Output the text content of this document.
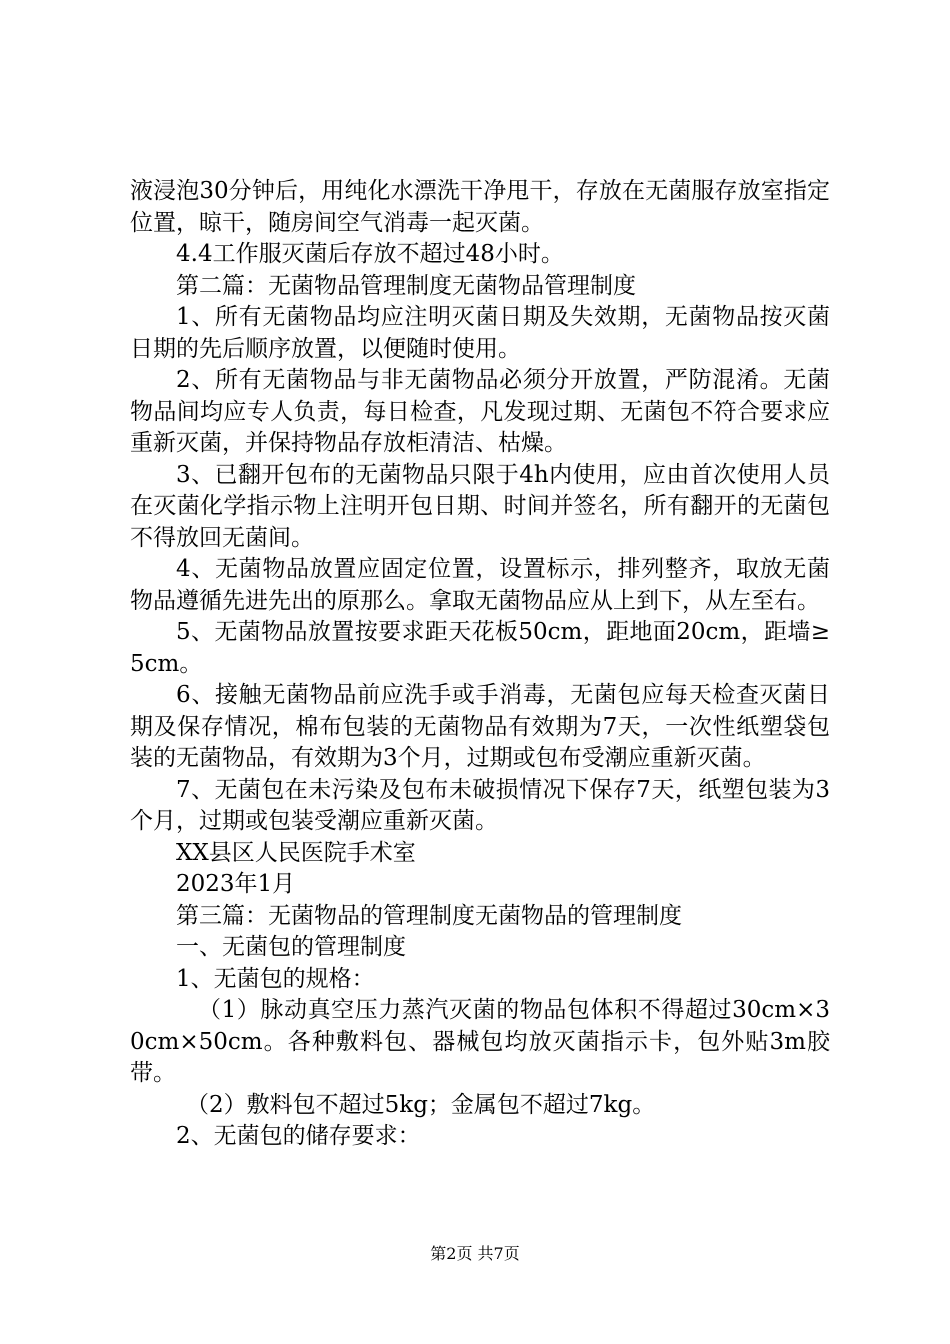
液浸泡30分钟后，用纯化水漂洗干净甩干，存放在无菌服存放室指定位置，晾干，随房间空气消毒一起灭菌。

4.4工作服灭菌后存放不超过48小时。

第二篇：无菌物品管理制度无菌物品管理制度

1、所有无菌物品均应注明灭菌日期及失效期，无菌物品按灭菌日期的先后顺序放置，以便随时使用。

2、所有无菌物品与非无菌物品必须分开放置，严防混淆。无菌物品间均应专人负责，每日检查，凡发现过期、无菌包不符合要求应重新灭菌，并保持物品存放柜清洁、枯燥。

3、已翻开包布的无菌物品只限于4h内使用，应由首次使用人员在灭菌化学指示物上注明开包日期、时间并签名，所有翻开的无菌包不得放回无菌间。

4、无菌物品放置应固定位置，设置标示，排列整齐，取放无菌物品遵循先进先出的原那么。拿取无菌物品应从上到下，从左至右。

5、无菌物品放置按要求距天花板50cm，距地面20cm，距墙≥5cm。

6、接触无菌物品前应洗手或手消毒，无菌包应每天检查灭菌日期及保存情况，棉布包装的无菌物品有效期为7天，一次性纸塑袋包装的无菌物品，有效期为3个月，过期或包布受潮应重新灭菌。

7、无菌包在未污染及包布未破损情况下保存7天，纸塑包装为3个月，过期或包装受潮应重新灭菌。

XX县区人民医院手术室

2023年1月

第三篇：无菌物品的管理制度无菌物品的管理制度

一、无菌包的管理制度

1、无菌包的规格：

（1）脉动真空压力蒸汽灭菌的物品包体积不得超过30cm×30cm×50cm。各种敷料包、器械包均放灭菌指示卡，包外贴3m胶带。

（2）敷料包不超过5kg；金属包不超过7kg。

2、无菌包的储存要求：

第2页 共7页
